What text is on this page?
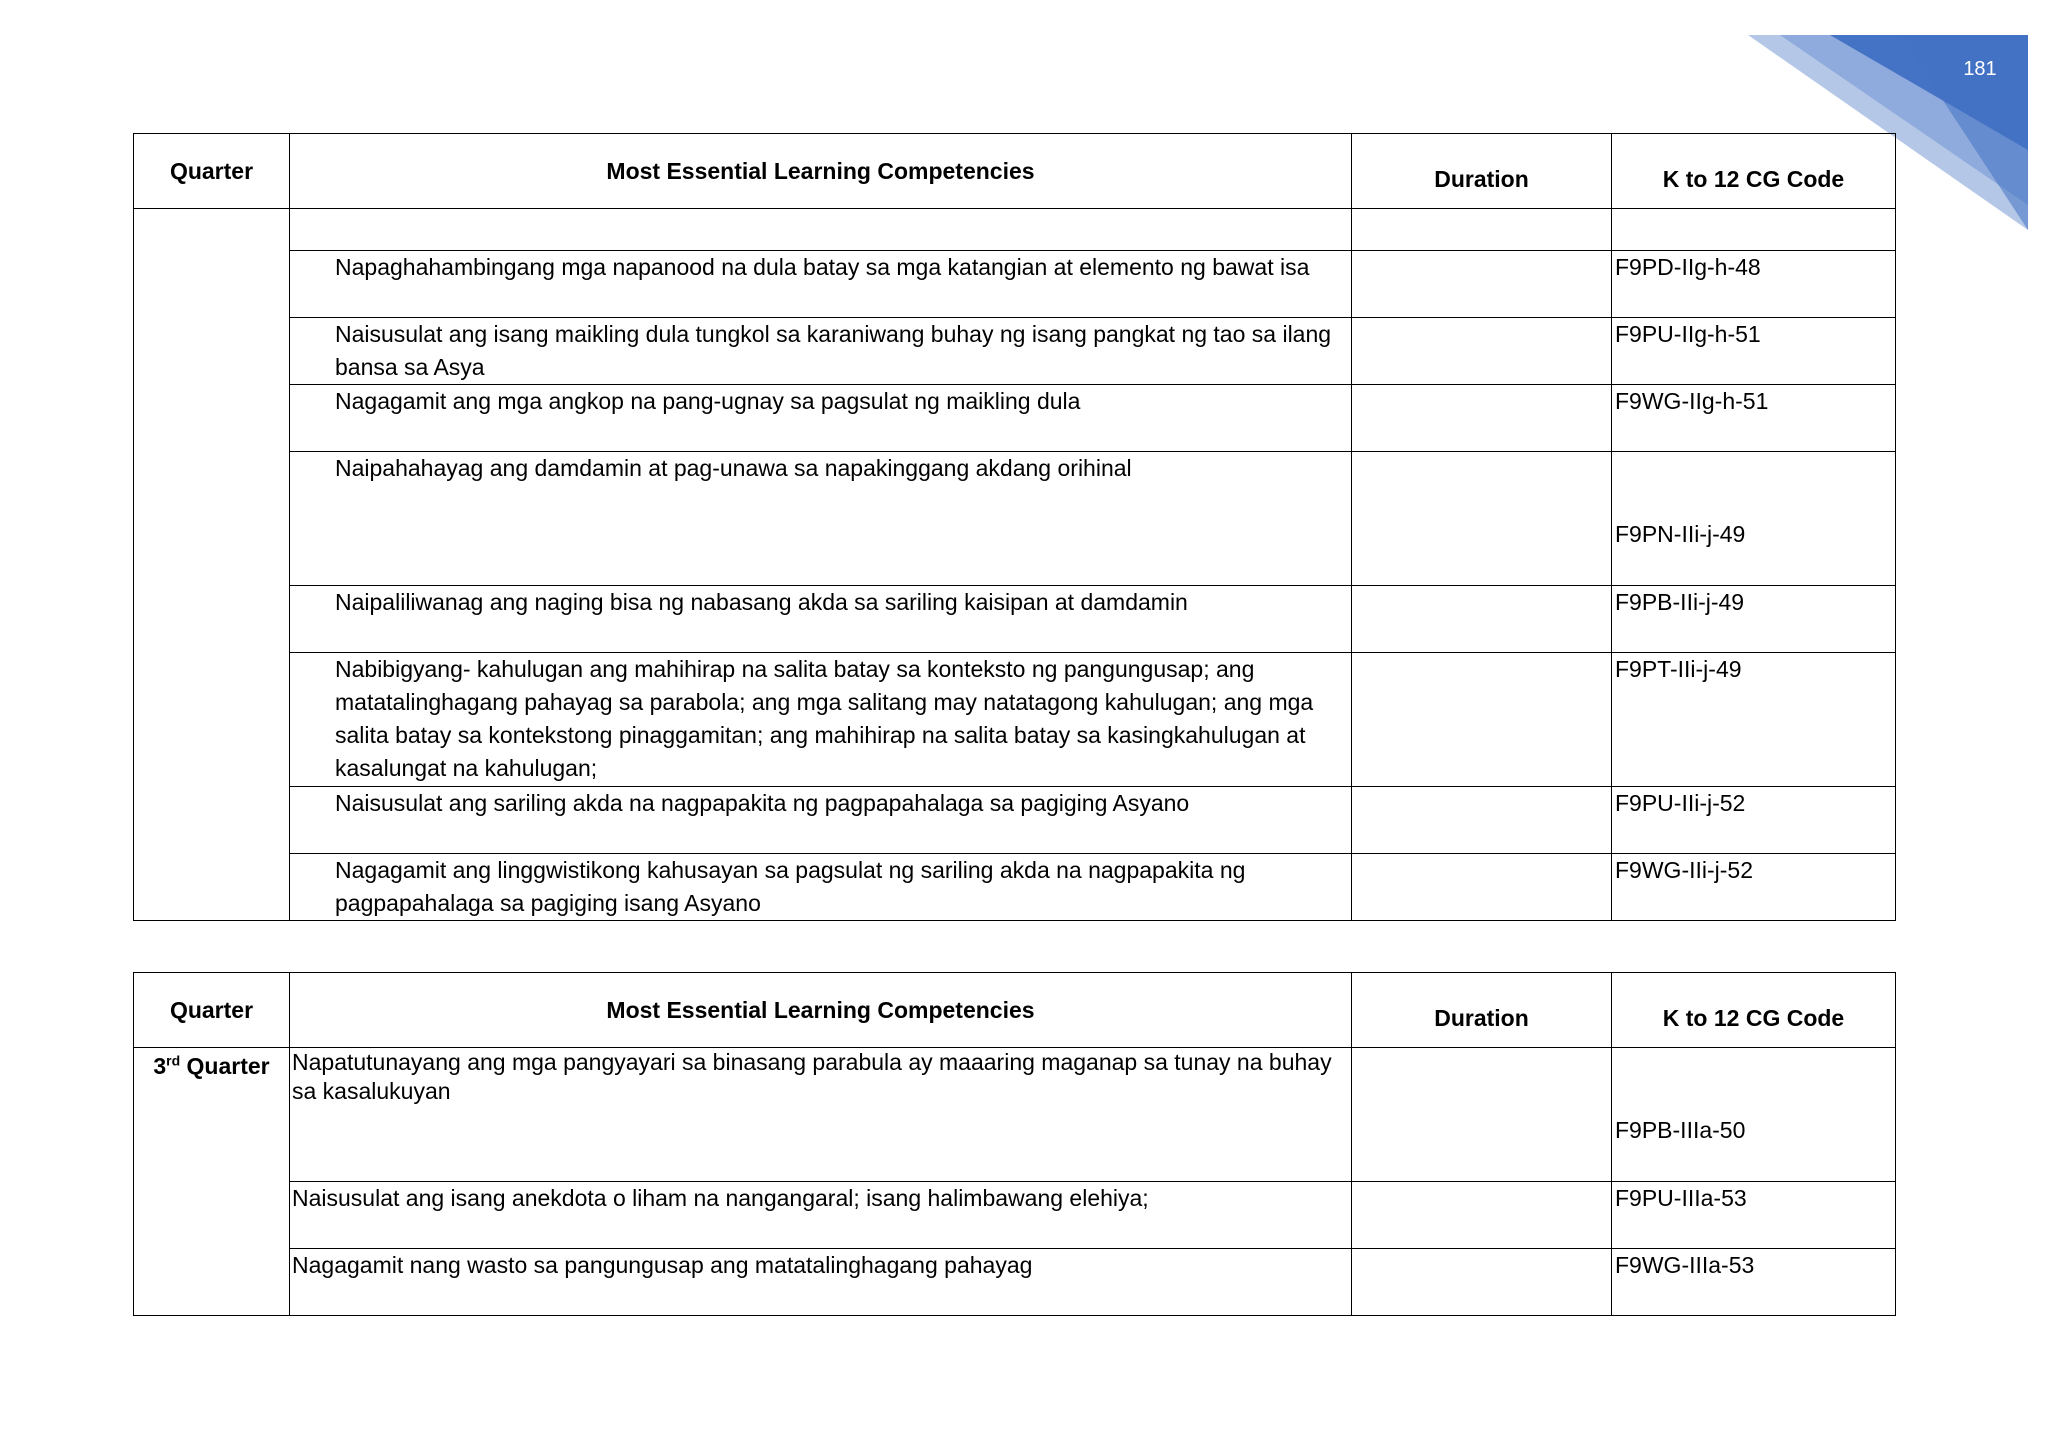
181
Quarter	Most Essential Learning Competencies	Duration	K to 12 CG Code

	Napaghahambingang mga napanood na dula batay sa mga katangian at elemento ng bawat isa		F9PD-IIg-h-48
	Naisusulat ang isang maikling dula tungkol sa karaniwang buhay ng isang pangkat ng tao sa ilang bansa sa Asya		F9PU-IIg-h-51
	Nagagamit ang mga angkop na pang-ugnay sa pagsulat ng maikling dula		F9WG-IIg-h-51
	Naipahahayag ang damdamin at pag-unawa sa napakinggang akdang orihinal		F9PN-IIi-j-49
	Naipaliliwanag ang naging bisa ng nabasang akda sa sariling kaisipan at damdamin		F9PB-IIi-j-49
	Nabibigyang- kahulugan ang mahihirap na salita batay sa konteksto ng pangungusap; ang matatalinghagang pahayag sa parabola; ang mga salitang may natatagong kahulugan; ang mga salita batay sa kontekstong pinaggamitan; ang mahihirap na salita batay sa kasingkahulugan at kasalungat na kahulugan;		F9PT-IIi-j-49
	Naisusulat ang sariling akda na nagpapakita ng pagpapahalaga sa pagiging Asyano		F9PU-IIi-j-52
	Nagagamit ang linggwistikong kahusayan sa pagsulat ng sariling akda na nagpapakita ng pagpapahalaga sa pagiging isang Asyano		F9WG-IIi-j-52
Quarter	Most Essential Learning Competencies	Duration	K to 12 CG Code
3rd Quarter	Napatutunayang ang mga pangyayari sa binasang parabula ay maaaring maganap sa tunay na buhay sa kasalukuyan		F9PB-IIIa-50
	Naisusulat ang isang anekdota o liham na nangangaral; isang halimbawang elehiya;		F9PU-IIIa-53
	Nagagamit nang wasto sa pangungusap ang matatalinghagang pahayag		F9WG-IIIa-53
